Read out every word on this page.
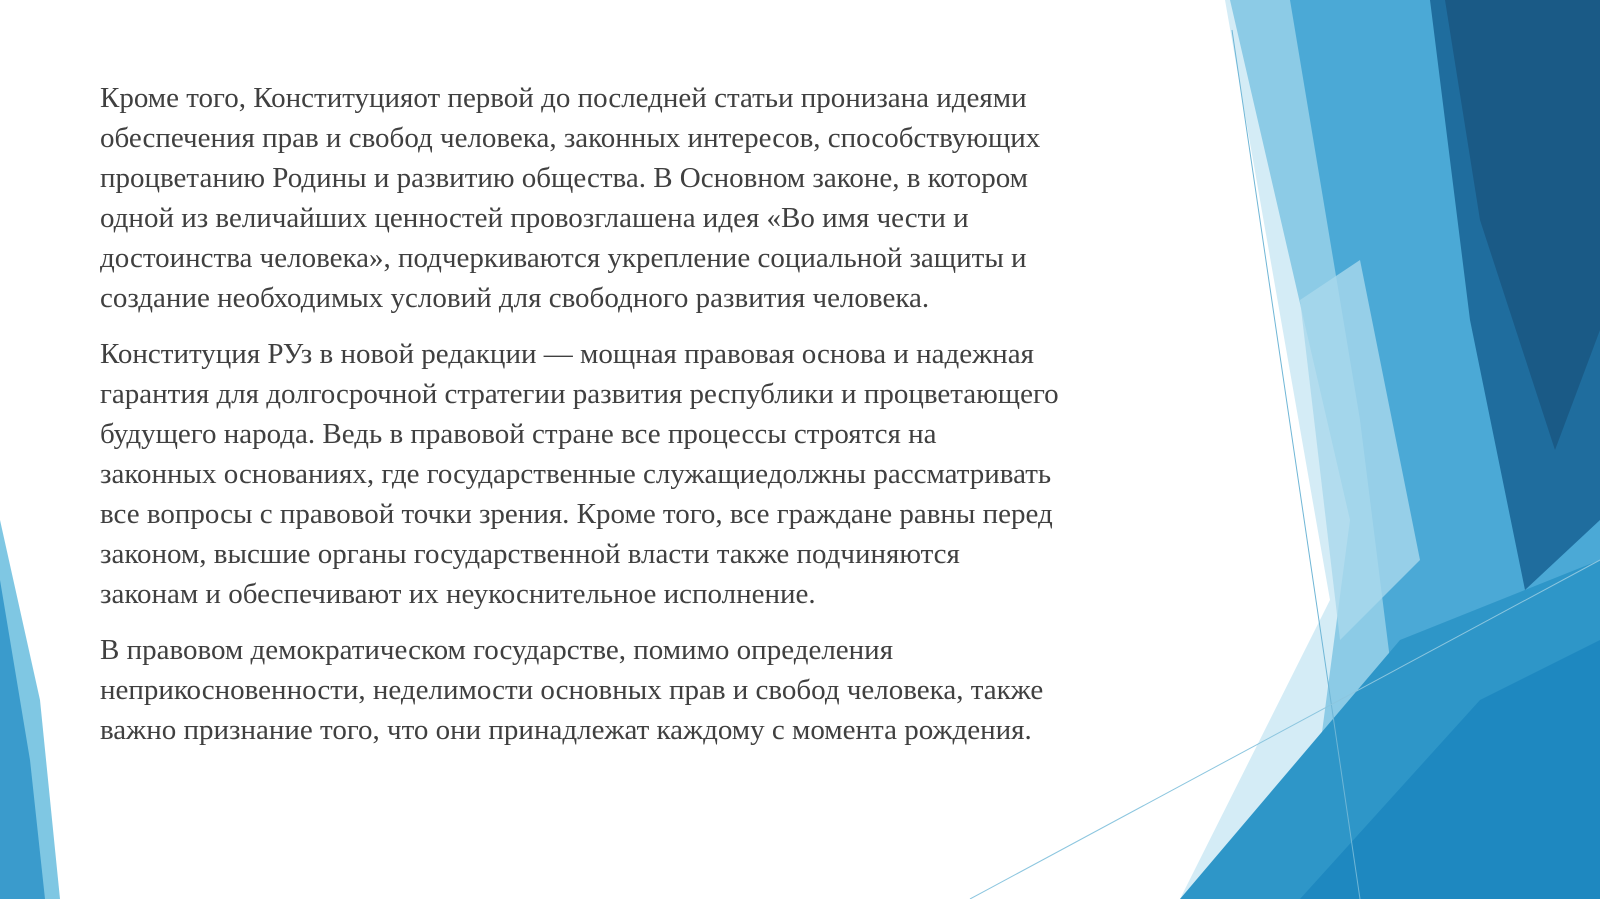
Кроме того, Конституцияот первой до последней статьи пронизана идеями
обеспечения прав и свобод человека, законных интересов, способствующих
процветанию Родины и развитию общества. В Основном законе, в котором
одной из величайших ценностей провозглашена идея «Во имя чести и
достоинства человека», подчеркиваются укрепление социальной защиты и
создание необходимых условий для свободного развития человека.

Конституция РУз в новой редакции — мощная правовая основа и надежная
гарантия для долгосрочной стратегии развития республики и процветающего
будущего народа. Ведь в правовой стране все процессы строятся на
законных основаниях, где государственные служащиедолжны рассматривать
все вопросы с правовой точки зрения. Кроме того, все граждане равны перед
законом, высшие органы государственной власти также подчиняются
законам и обеспечивают их неукоснительное исполнение.

В правовом демократическом государстве, помимо определения
неприкосновенности, неделимости основных прав и свобод человека, также
важно признание того, что они принадлежат каждому с момента рождения.
